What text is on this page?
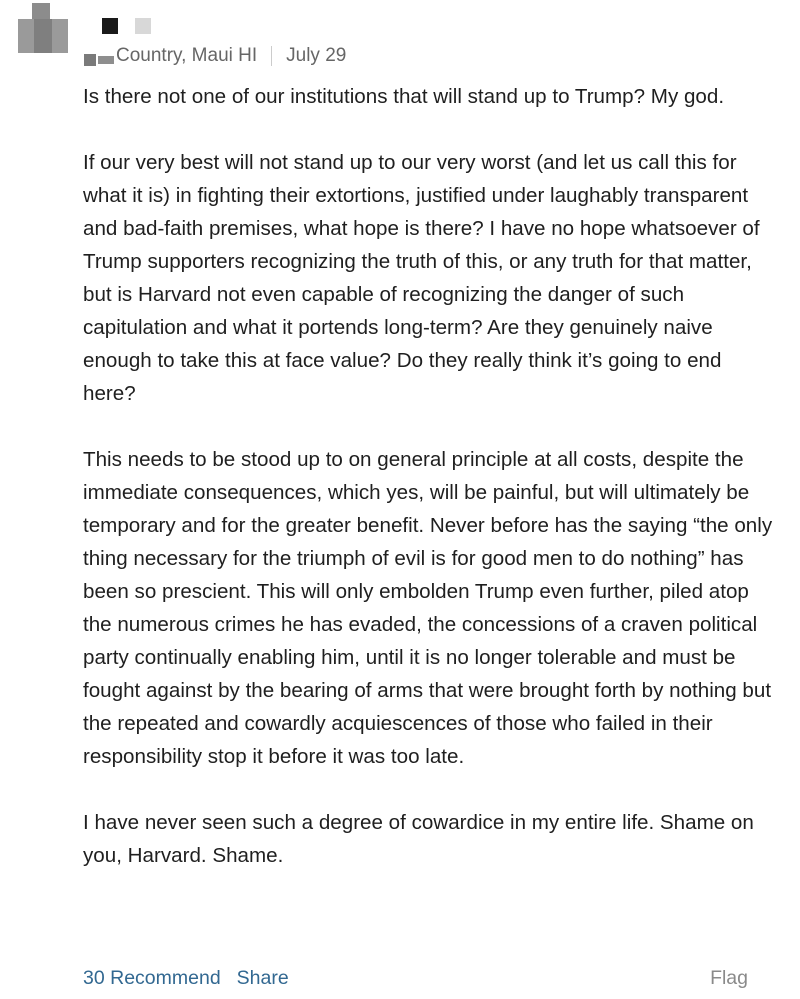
Country, Maui HI July 29

Is there not one of our institutions that will stand up to Trump? My god.

If our very best will not stand up to our very worst (and let us call this for what it is) in fighting their extortions, justified under laughably transparent and bad-faith premises, what hope is there? I have no hope whatsoever of Trump supporters recognizing the truth of this, or any truth for that matter, but is Harvard not even capable of recognizing the danger of such capitulation and what it portends long-term? Are they genuinely naive enough to take this at face value? Do they really think it’s going to end here?

This needs to be stood up to on general principle at all costs, despite the immediate consequences, which yes, will be painful, but will ultimately be temporary and for the greater benefit. Never before has the saying “the only thing necessary for the triumph of evil is for good men to do nothing” has been so prescient. This will only embolden Trump even further, piled atop the numerous crimes he has evaded, the concessions of a craven political party continually enabling him, until it is no longer tolerable and must be fought against by the bearing of arms that were brought forth by nothing but the repeated and cowardly acquiescences of those who failed in their responsibility stop it before it was too late.

I have never seen such a degree of cowardice in my entire life. Shame on you, Harvard. Shame.

30 Recommend Share	Flag
